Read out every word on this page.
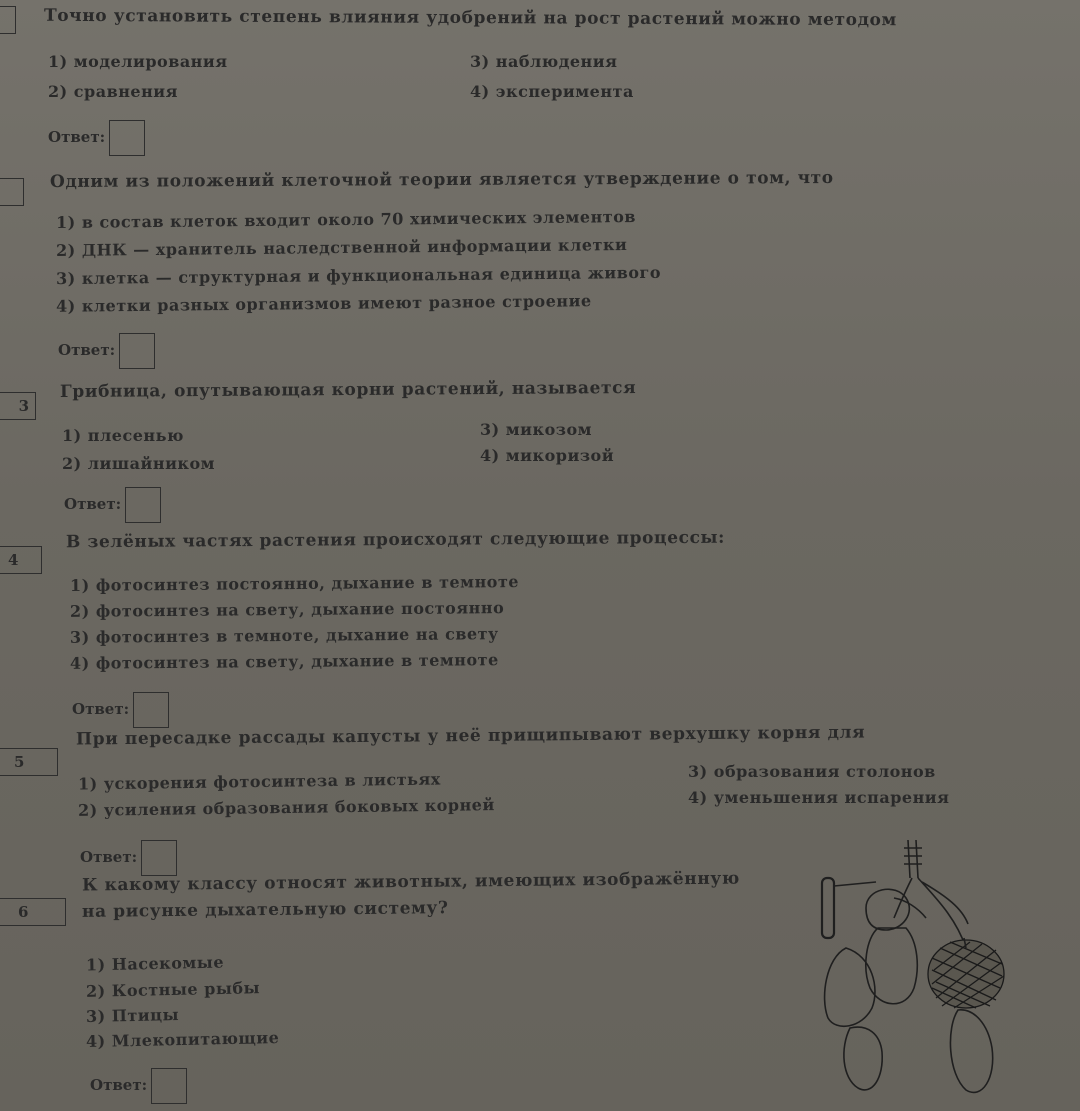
Точно установить степень влияния удобрений на рост растений можно методом
1) моделирования
2) сравнения
3) наблюдения
4) эксперимента
Ответ:
Одним из положений клеточной теории является утверждение о том, что
1) в состав клеток входит около 70 химических элементов
2) ДНК — хранитель наследственной информации клетки
3) клетка — структурная и функциональная единица живого
4) клетки разных организмов имеют разное строение
Ответ:
3
Грибница, опутывающая корни растений, называется
1) плесенью
2) лишайником
3) микозом
4) микоризой
Ответ:
4
В зелёных частях растения происходят следующие процессы:
1) фотосинтез постоянно, дыхание в темноте
2) фотосинтез на свету, дыхание постоянно
3) фотосинтез в темноте, дыхание на свету
4) фотосинтез на свету, дыхание в темноте
Ответ:
5
При пересадке рассады капусты у неё прищипывают верхушку корня для
1) ускорения фотосинтеза в листьях
2) усиления образования боковых корней
3) образования столонов
4) уменьшения испарения
Ответ:
6
К какому классу относят животных, имеющих изображённую
на рисунке дыхательную систему?
1) Насекомые
2) Костные рыбы
3) Птицы
4) Млекопитающие
Ответ:
